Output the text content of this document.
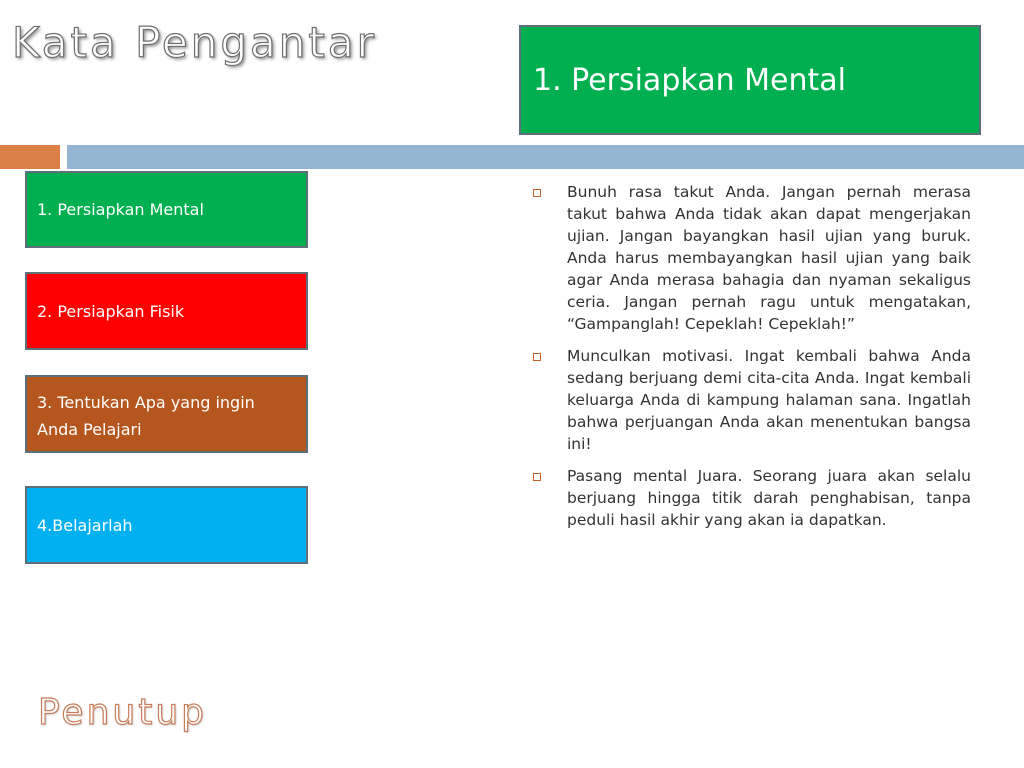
Kata Pengantar
1. Persiapkan Mental
1. Persiapkan Mental
2. Persiapkan Fisik
3. Tentukan Apa yang ingin Anda Pelajari
4.Belajarlah
Bunuh rasa takut Anda. Jangan pernah merasa takut bahwa Anda tidak akan dapat mengerjakan ujian. Jangan bayangkan hasil ujian yang buruk. Anda harus membayangkan hasil ujian yang baik agar Anda merasa bahagia dan nyaman sekaligus ceria. Jangan pernah ragu untuk mengatakan, “Gampanglah! Cepeklah! Cepeklah!”
Munculkan motivasi. Ingat kembali bahwa Anda sedang berjuang demi cita-cita Anda. Ingat kembali keluarga Anda di kampung halaman sana. Ingatlah bahwa perjuangan Anda akan menentukan bangsa ini!
Pasang mental Juara. Seorang juara akan selalu berjuang hingga titik darah penghabisan, tanpa peduli hasil akhir yang akan ia dapatkan.
Penutup
